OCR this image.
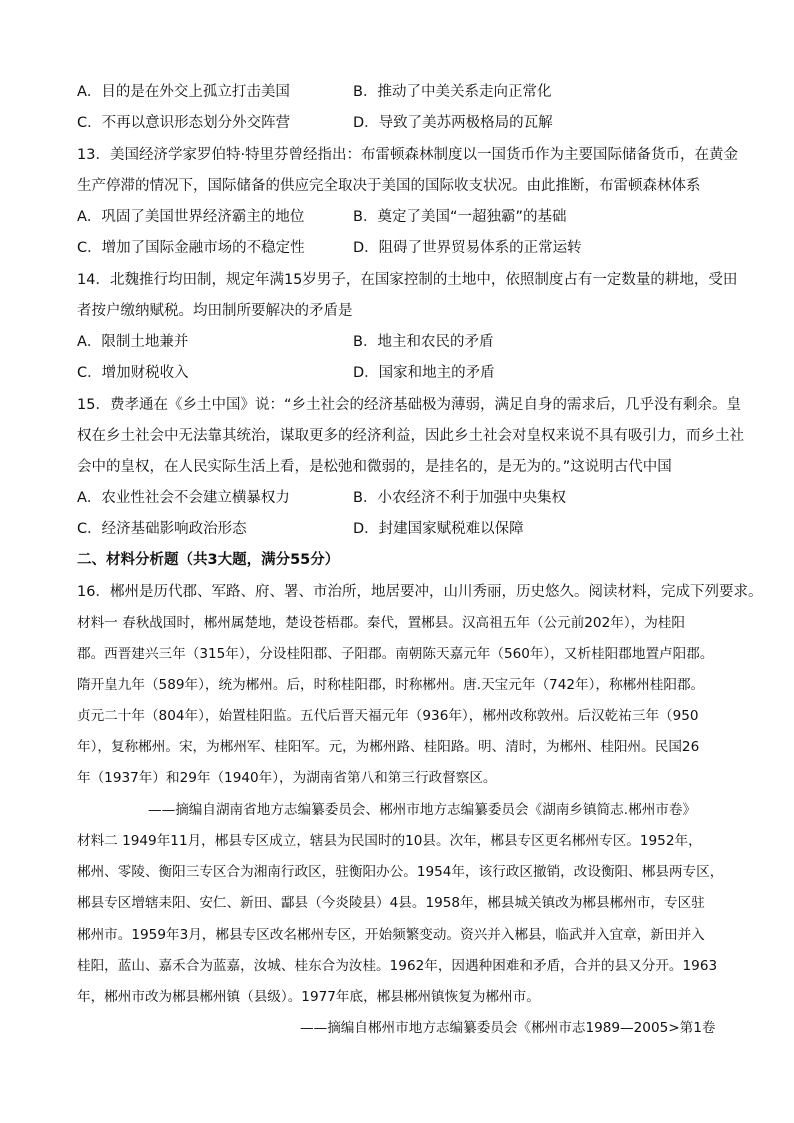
A．目的是在外交上孤立打击美国	B．推动了中美关系走向正常化
C．不再以意识形态划分外交阵营	D．导致了美苏两极格局的瓦解
13．美国经济学家罗伯特·特里芬曾经指出：布雷顿森林制度以一国货币作为主要国际储备货币，在黄金
生产停滞的情况下，国际储备的供应完全取决于美国的国际收支状况。由此推断，布雷顿森林体系
A．巩固了美国世界经济霸主的地位	B．奠定了美国“一超独霸”的基础
C．增加了国际金融市场的不稳定性	D．阻碍了世界贸易体系的正常运转
14．北魏推行均田制，规定年满15岁男子，在国家控制的土地中，依照制度占有一定数量的耕地，受田
者按户缴纳赋税。均田制所要解决的矛盾是
A．限制土地兼并	B．地主和农民的矛盾
C．增加财税收入	D．国家和地主的矛盾
15．费孝通在《乡土中国》说：“乡土社会的经济基础极为薄弱，满足自身的需求后，几乎没有剩余。皇
权在乡土社会中无法靠其统治，谋取更多的经济利益，因此乡土社会对皇权来说不具有吸引力，而乡土社
会中的皇权，在人民实际生活上看，是松弛和微弱的，是挂名的，是无为的。”这说明古代中国
A．农业性社会不会建立横暴权力	B．小农经济不利于加强中央集权
C．经济基础影响政治形态	D．封建国家赋税难以保障
二、材料分析题（共3大题，满分55分）
16．郴州是历代郡、军路、府、署、市治所，地居要冲，山川秀丽，历史悠久。阅读材料，完成下列要求。
材料一 春秋战国时，郴州属楚地，楚设苍梧郡。秦代，置郴县。汉高祖五年（公元前202年），为桂阳
郡。西晋建兴三年（315年），分设桂阳郡、子阳郡。南朝陈天嘉元年（560年），又析桂阳郡地置卢阳郡。
隋开皇九年（589年），统为郴州。后，时称桂阳郡，时称郴州。唐.天宝元年（742年），称郴州桂阳郡。
贞元二十年（804年），始置桂阳监。五代后晋天福元年（936年），郴州改称敦州。后汉乾祐三年（950
年），复称郴州。宋，为郴州军、桂阳军。元，为郴州路、桂阳路。明、清时，为郴州、桂阳州。民国26
年（1937年）和29年（1940年），为湖南省第八和第三行政督察区。
——摘编自湖南省地方志编纂委员会、郴州市地方志编纂委员会《湖南乡镇简志.郴州市卷》
材料二 1949年11月，郴县专区成立，辖县为民国时的10县。次年，郴县专区更名郴州专区。1952年，
郴州、零陵、衡阳三专区合为湘南行政区，驻衡阳办公。1954年，该行政区撤销，改设衡阳、郴县两专区，
郴县专区增辖耒阳、安仁、新田、酃县（今炎陵县）4县。1958年，郴县城关镇改为郴县郴州市，专区驻
郴州市。1959年3月，郴县专区改名郴州专区，开始频繁变动。资兴并入郴县，临武并入宜章，新田并入
桂阳，蓝山、嘉禾合为蓝嘉，汝城、桂东合为汝桂。1962年，因遇种困难和矛盾，合并的县又分开。1963
年，郴州市改为郴县郴州镇（县级）。1977年底，郴县郴州镇恢复为郴州市。
——摘编自郴州市地方志编纂委员会《郴州市志1989—2005>第1卷
